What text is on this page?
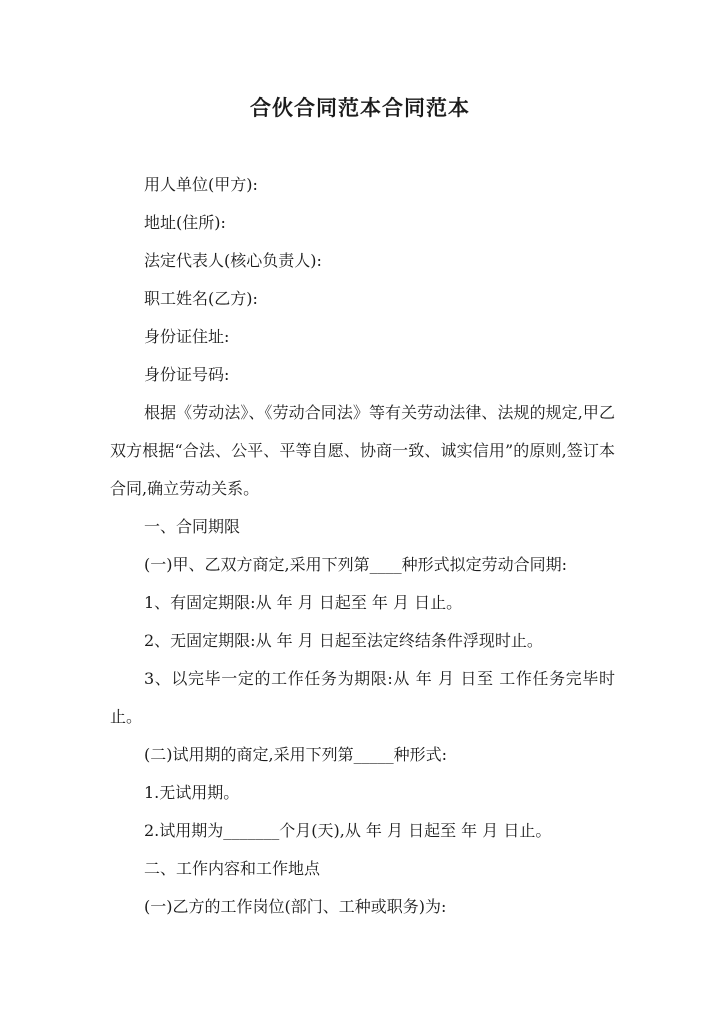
合伙合同范本合同范本

用人单位(甲方):

地址(住所):

法定代表人(核心负责人):

职工姓名(乙方):

身份证住址:

身份证号码:

根据《劳动法》、《劳动合同法》等有关劳动法律、法规的规定,甲乙双方根据“合法、公平、平等自愿、协商一致、诚实信用”的原则,签订本合同,确立劳动关系。

一、合同期限

(一)甲、乙双方商定,采用下列第____种形式拟定劳动合同期:

1、有固定期限:从 年 月 日起至 年 月 日止。

2、无固定期限:从 年 月 日起至法定终结条件浮现时止。

3、以完毕一定的工作任务为期限:从 年 月 日至 工作任务完毕时止。

(二)试用期的商定,采用下列第_____种形式:

1.无试用期。

2.试用期为_______个月(天),从 年 月 日起至 年 月 日止。

二、工作内容和工作地点

(一)乙方的工作岗位(部门、工种或职务)为:
